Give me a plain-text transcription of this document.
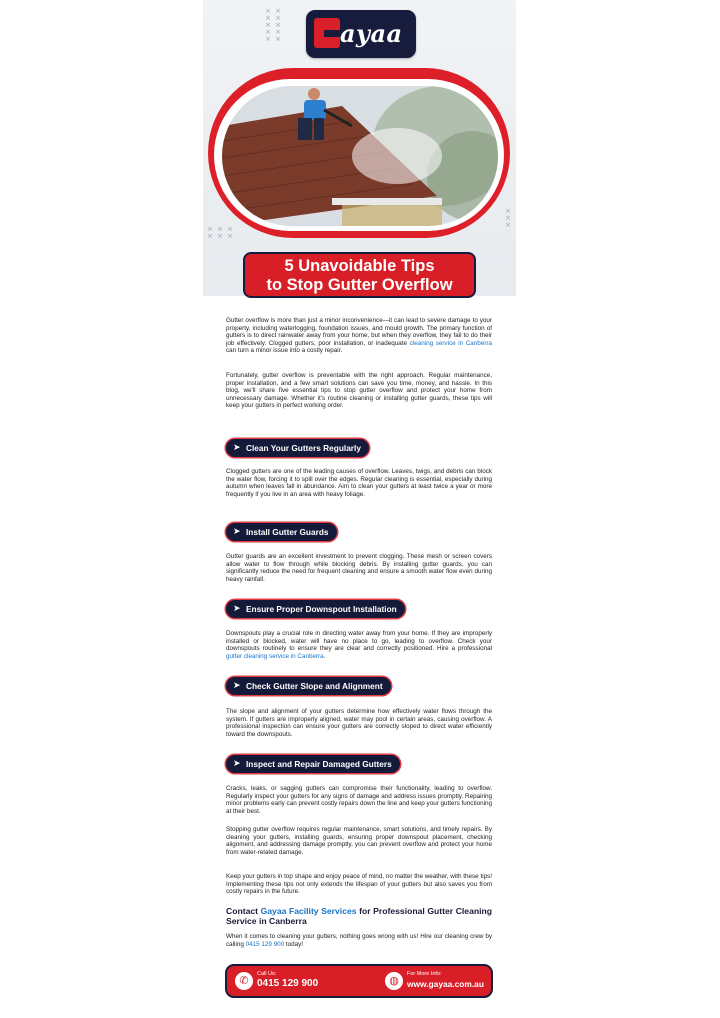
× ×
× ×
× ×
× ×
× ×
× × ×
× × ×
×
×
×
ayaa
5 Unavoidable Tips
to Stop Gutter Overflow
Gutter overflow is more than just a minor inconvenience—it can lead to severe damage to your property, including waterlogging, foundation issues, and mould growth. The primary function of gutters is to direct rainwater away from your home, but when they overflow, they fail to do their job effectively. Clogged gutters, poor installation, or inadequate cleaning service in Canberra can turn a minor issue into a costly repair.
Fortunately, gutter overflow is preventable with the right approach. Regular maintenance, proper installation, and a few smart solutions can save you time, money, and hassle. In this blog, we'll share five essential tips to stop gutter overflow and protect your home from unnecessary damage. Whether it's routine cleaning or installing gutter guards, these tips will keep your gutters in perfect working order.
➤ Clean Your Gutters Regularly
Clogged gutters are one of the leading causes of overflow. Leaves, twigs, and debris can block the water flow, forcing it to spill over the edges. Regular cleaning is essential, especially during autumn when leaves fall in abundance. Aim to clean your gutters at least twice a year or more frequently if you live in an area with heavy foliage.
➤ Install Gutter Guards
Gutter guards are an excellent investment to prevent clogging. These mesh or screen covers allow water to flow through while blocking debris. By installing gutter guards, you can significantly reduce the need for frequent cleaning and ensure a smooth water flow even during heavy rainfall.
➤ Ensure Proper Downspout Installation
Downspouts play a crucial role in directing water away from your home. If they are improperly installed or blocked, water will have no place to go, leading to overflow. Check your downspouts routinely to ensure they are clear and correctly positioned. Hire a professional gutter cleaning service in Canberra.
➤ Check Gutter Slope and Alignment
The slope and alignment of your gutters determine how effectively water flows through the system. If gutters are improperly aligned, water may pool in certain areas, causing overflow. A professional inspection can ensure your gutters are correctly sloped to direct water efficiently toward the downspouts.
➤ Inspect and Repair Damaged Gutters
Cracks, leaks, or sagging gutters can compromise their functionality, leading to overflow. Regularly inspect your gutters for any signs of damage and address issues promptly. Repairing minor problems early can prevent costly repairs down the line and keep your gutters functioning at their best.
Stopping gutter overflow requires regular maintenance, smart solutions, and timely repairs. By cleaning your gutters, installing guards, ensuring proper downspout placement, checking alignment, and addressing damage promptly, you can prevent overflow and protect your home from water-related damage.
Keep your gutters in top shape and enjoy peace of mind, no matter the weather, with these tips! Implementing these tips not only extends the lifespan of your gutters but also saves you from costly repairs in the future.
Contact Gayaa Facility Services for Professional Gutter Cleaning Service in Canberra
When it comes to cleaning your gutters, nothing goes wrong with us! Hire our cleaning crew by calling 0415 129 900 today!
✆	Call Us:
0415 129 900	◍	For More Info:
www.gayaa.com.au
